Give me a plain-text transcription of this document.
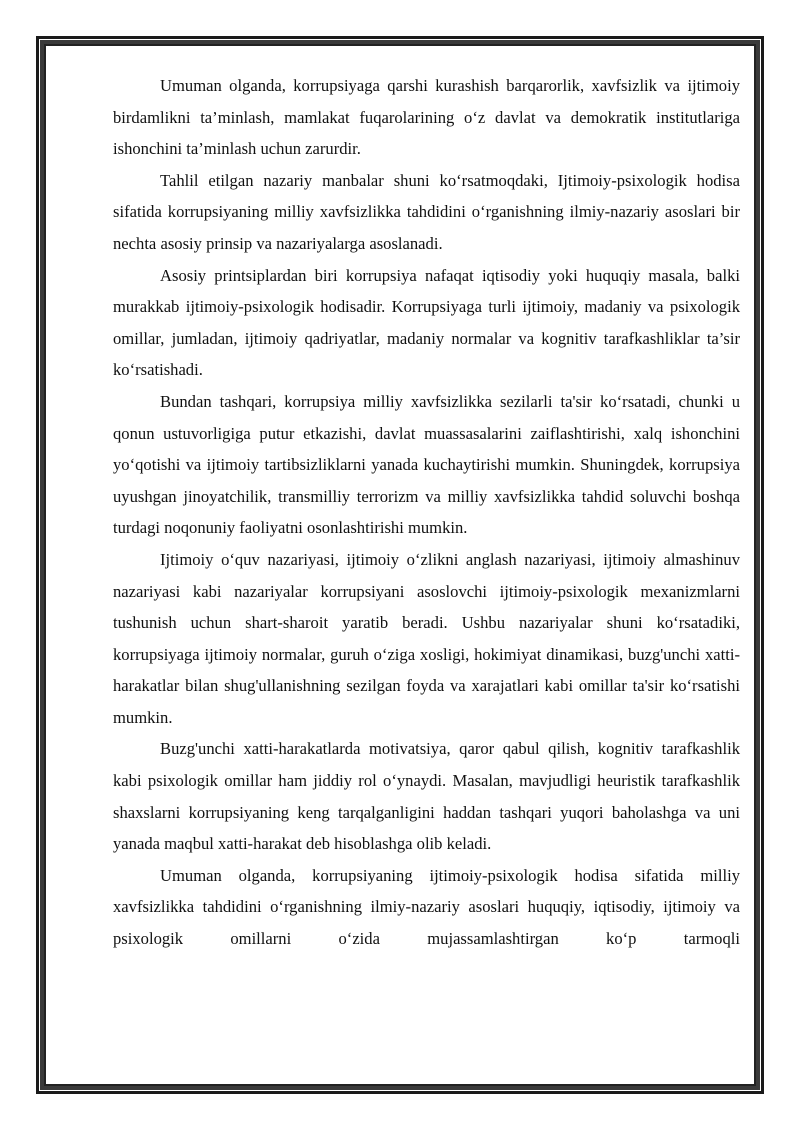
Umuman olganda, korrupsiyaga qarshi kurashish barqarorlik, xavfsizlik va ijtimoiy birdamlikni ta’minlash, mamlakat fuqarolarining o‘z davlat va demokratik institutlariga ishonchini ta’minlash uchun zarurdir.

Tahlil etilgan nazariy manbalar shuni ko‘rsatmoqdaki, Ijtimoiy-psixologik hodisa sifatida korrupsiyaning milliy xavfsizlikka tahdidini o‘rganishning ilmiy-nazariy asoslari bir nechta asosiy prinsip va nazariyalarga asoslanadi.

Asosiy printsiplardan biri korrupsiya nafaqat iqtisodiy yoki huquqiy masala, balki murakkab ijtimoiy-psixologik hodisadir. Korrupsiyaga turli ijtimoiy, madaniy va psixologik omillar, jumladan, ijtimoiy qadriyatlar, madaniy normalar va kognitiv tarafkashliklar ta’sir ko‘rsatishadi.

Bundan tashqari, korrupsiya milliy xavfsizlikka sezilarli ta'sir ko‘rsatadi, chunki u qonun ustuvorligiga putur etkazishi, davlat muassasalarini zaiflashtirishi, xalq ishonchini yo‘qotishi va ijtimoiy tartibsizliklarni yanada kuchaytirishi mumkin. Shuningdek, korrupsiya uyushgan jinoyatchilik, transmilliy terrorizm va milliy xavfsizlikka tahdid soluvchi boshqa turdagi noqonuniy faoliyatni osonlashtirishi mumkin.

Ijtimoiy o‘quv nazariyasi, ijtimoiy o‘zlikni anglash nazariyasi, ijtimoiy almashinuv nazariyasi kabi nazariyalar korrupsiyani asoslovchi ijtimoiy-psixologik mexanizmlarni tushunish uchun shart-sharoit yaratib beradi. Ushbu nazariyalar shuni ko‘rsatadiki, korrupsiyaga ijtimoiy normalar, guruh o‘ziga xosligi, hokimiyat dinamikasi, buzg'unchi xatti-harakatlar bilan shug'ullanishning sezilgan foyda va xarajatlari kabi omillar ta'sir ko‘rsatishi mumkin.

Buzg'unchi xatti-harakatlarda motivatsiya, qaror qabul qilish, kognitiv tarafkashlik kabi psixologik omillar ham jiddiy rol o‘ynaydi. Masalan, mavjudligi heuristik tarafkashlik shaxslarni korrupsiyaning keng tarqalganligini haddan tashqari yuqori baholashga va uni yanada maqbul xatti-harakat deb hisoblashga olib keladi.

Umuman olganda, korrupsiyaning ijtimoiy-psixologik hodisa sifatida milliy xavfsizlikka tahdidini o‘rganishning ilmiy-nazariy asoslari huquqiy, iqtisodiy, ijtimoiy va psixologik omillarni o‘zida mujassamlashtirgan ko‘p tarmoqli
